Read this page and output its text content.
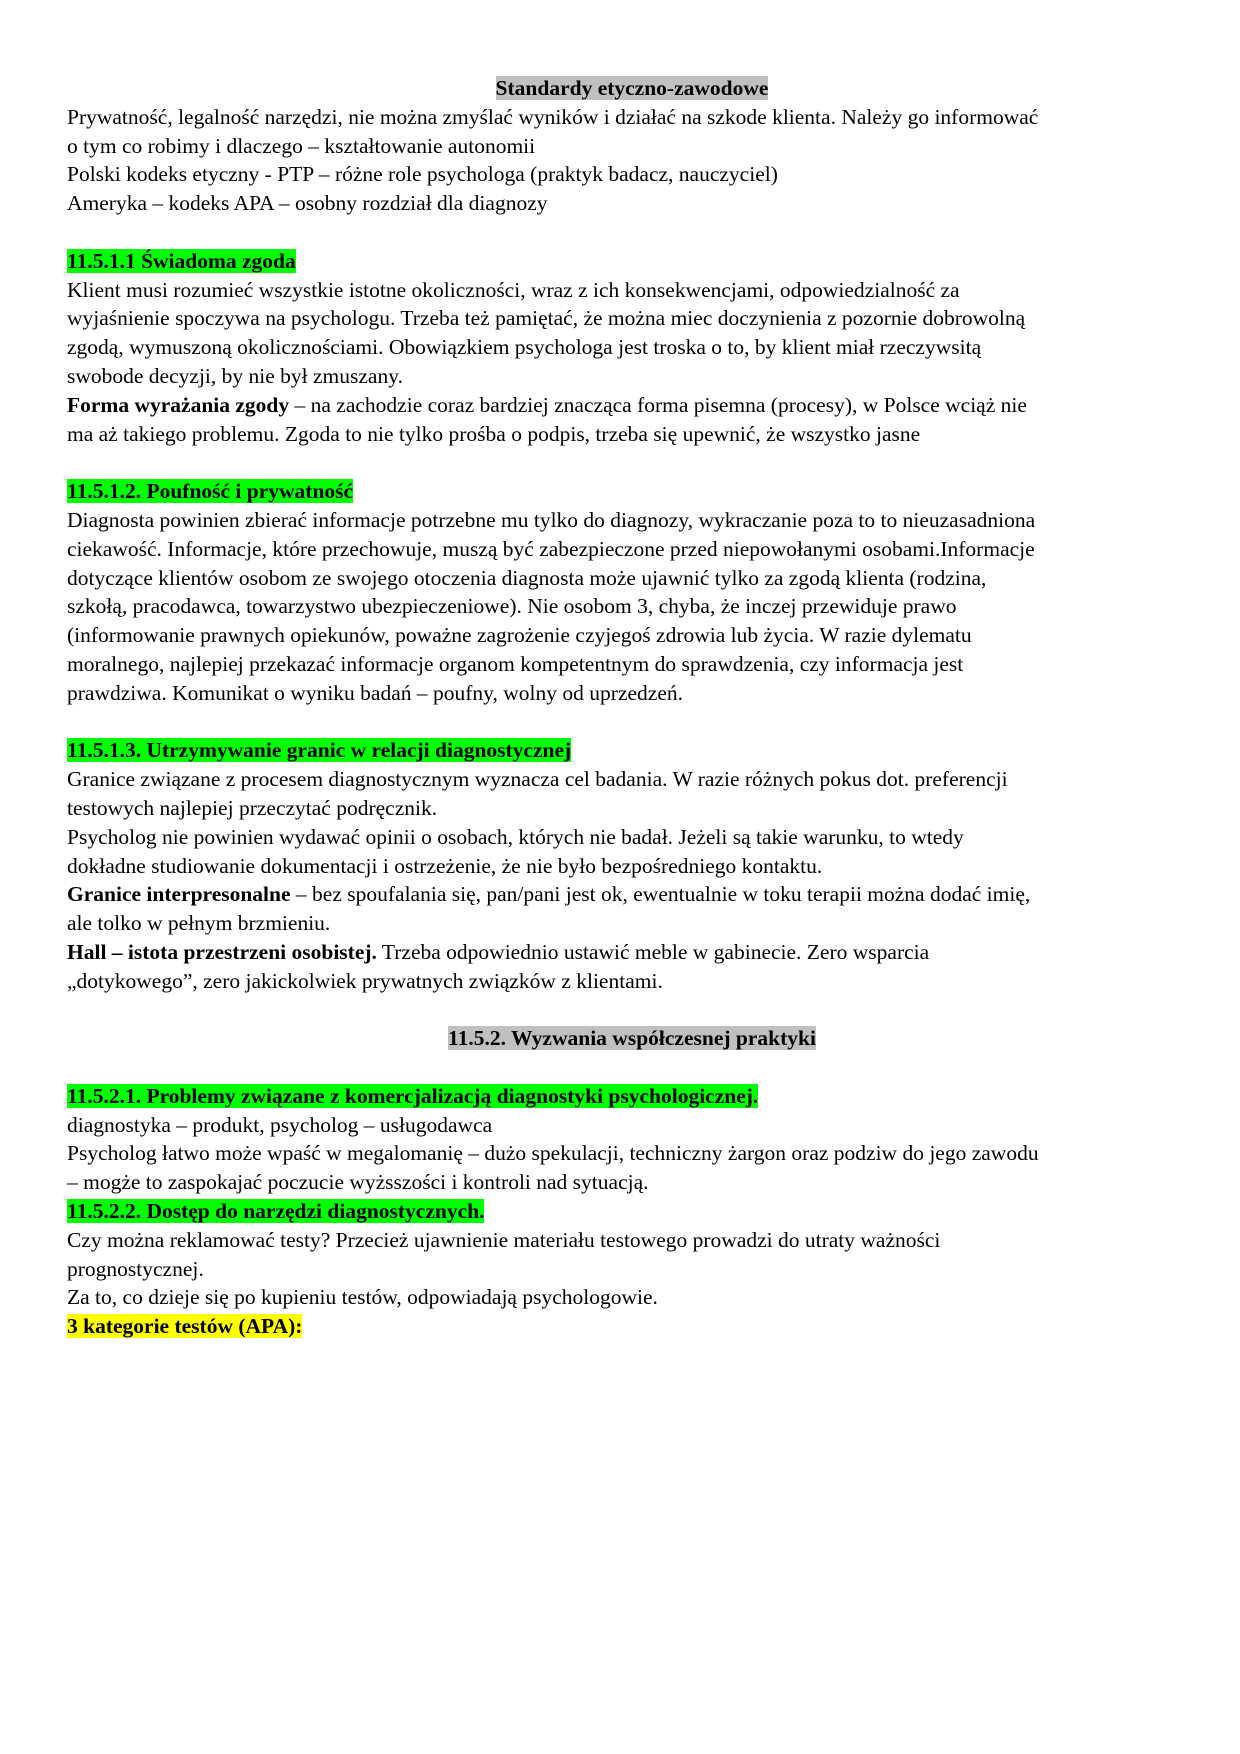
Standardy etyczno-zawodowe
Prywatność, legalność narzędzi, nie można zmyślać wyników i działać na szkode klienta. Należy go informować
o tym co robimy i dlaczego – kształtowanie autonomii
Polski kodeks etyczny - PTP – różne role psychologa (praktyk badacz, nauczyciel)
Ameryka – kodeks APA – osobny rozdział dla diagnozy
11.5.1.1 Świadoma zgoda
Klient musi rozumieć wszystkie istotne okoliczności, wraz z ich konsekwencjami, odpowiedzialność za
wyjaśnienie spoczywa na psychologu. Trzeba też pamiętać, że można miec doczynienia z pozornie dobrowolną
zgodą, wymuszoną okolicznościami. Obowiązkiem psychologa jest troska o to, by klient miał rzeczywsitą
swobode decyzji, by nie był zmuszany.
Forma wyrażania zgody – na zachodzie coraz bardziej znacząca forma pisemna (procesy), w Polsce wciąż nie
ma aż takiego problemu. Zgoda to nie tylko prośba o podpis, trzeba się upewnić, że wszystko jasne
11.5.1.2. Poufność i prywatność
Diagnosta powinien zbierać informacje potrzebne mu tylko do diagnozy, wykraczanie poza to to nieuzasadniona
ciekawość. Informacje, które przechowuje, muszą być zabezpieczone przed niepowołanymi osobami.Informacje
dotyczące klientów osobom ze swojego otoczenia diagnosta może ujawnić tylko za zgodą klienta (rodzina,
szkołą, pracodawca, towarzystwo ubezpieczeniowe). Nie osobom 3, chyba, że inczej przewiduje prawo
(informowanie prawnych opiekunów, poważne zagrożenie czyjegoś zdrowia lub życia. W razie dylematu
moralnego, najlepiej przekazać informacje organom kompetentnym do sprawdzenia, czy informacja jest
prawdziwa. Komunikat o wyniku badań – poufny, wolny od uprzedzeń.
11.5.1.3. Utrzymywanie granic w relacji diagnostycznej
Granice związane z procesem diagnostycznym wyznacza cel badania. W razie różnych pokus dot. preferencji
testowych najlepiej przeczytać podręcznik.
Psycholog nie powinien wydawać opinii o osobach, których nie badał. Jeżeli są takie warunku, to wtedy
dokładne studiowanie dokumentacji i ostrzeżenie, że nie było bezpośredniego kontaktu.
Granice interpresonalne – bez spoufalania się, pan/pani jest ok, ewentualnie w toku terapii można dodać imię,
ale tolko w pełnym brzmieniu.
Hall – istota przestrzeni osobistej. Trzeba odpowiednio ustawić meble w gabinecie. Zero wsparcia
„dotykowego”, zero jakickolwiek prywatnych związków z klientami.
11.5.2. Wyzwania współczesnej praktyki
11.5.2.1. Problemy związane z komercjalizacją diagnostyki psychologicznej.
diagnostyka – produkt, psycholog – usługodawca
Psycholog łatwo może wpaść w megalomanię – dużo spekulacji, techniczny żargon oraz podziw do jego zawodu
– mogże to zaspokajać poczucie wyżsszości i kontroli nad sytuacją.
11.5.2.2. Dostęp do narzędzi diagnostycznych.
Czy można reklamować testy? Przecież ujawnienie materiału testowego prowadzi do utraty ważności
prognostycznej.
Za to, co dzieje się po kupieniu testów, odpowiadają psychologowie.
3 kategorie testów (APA):
